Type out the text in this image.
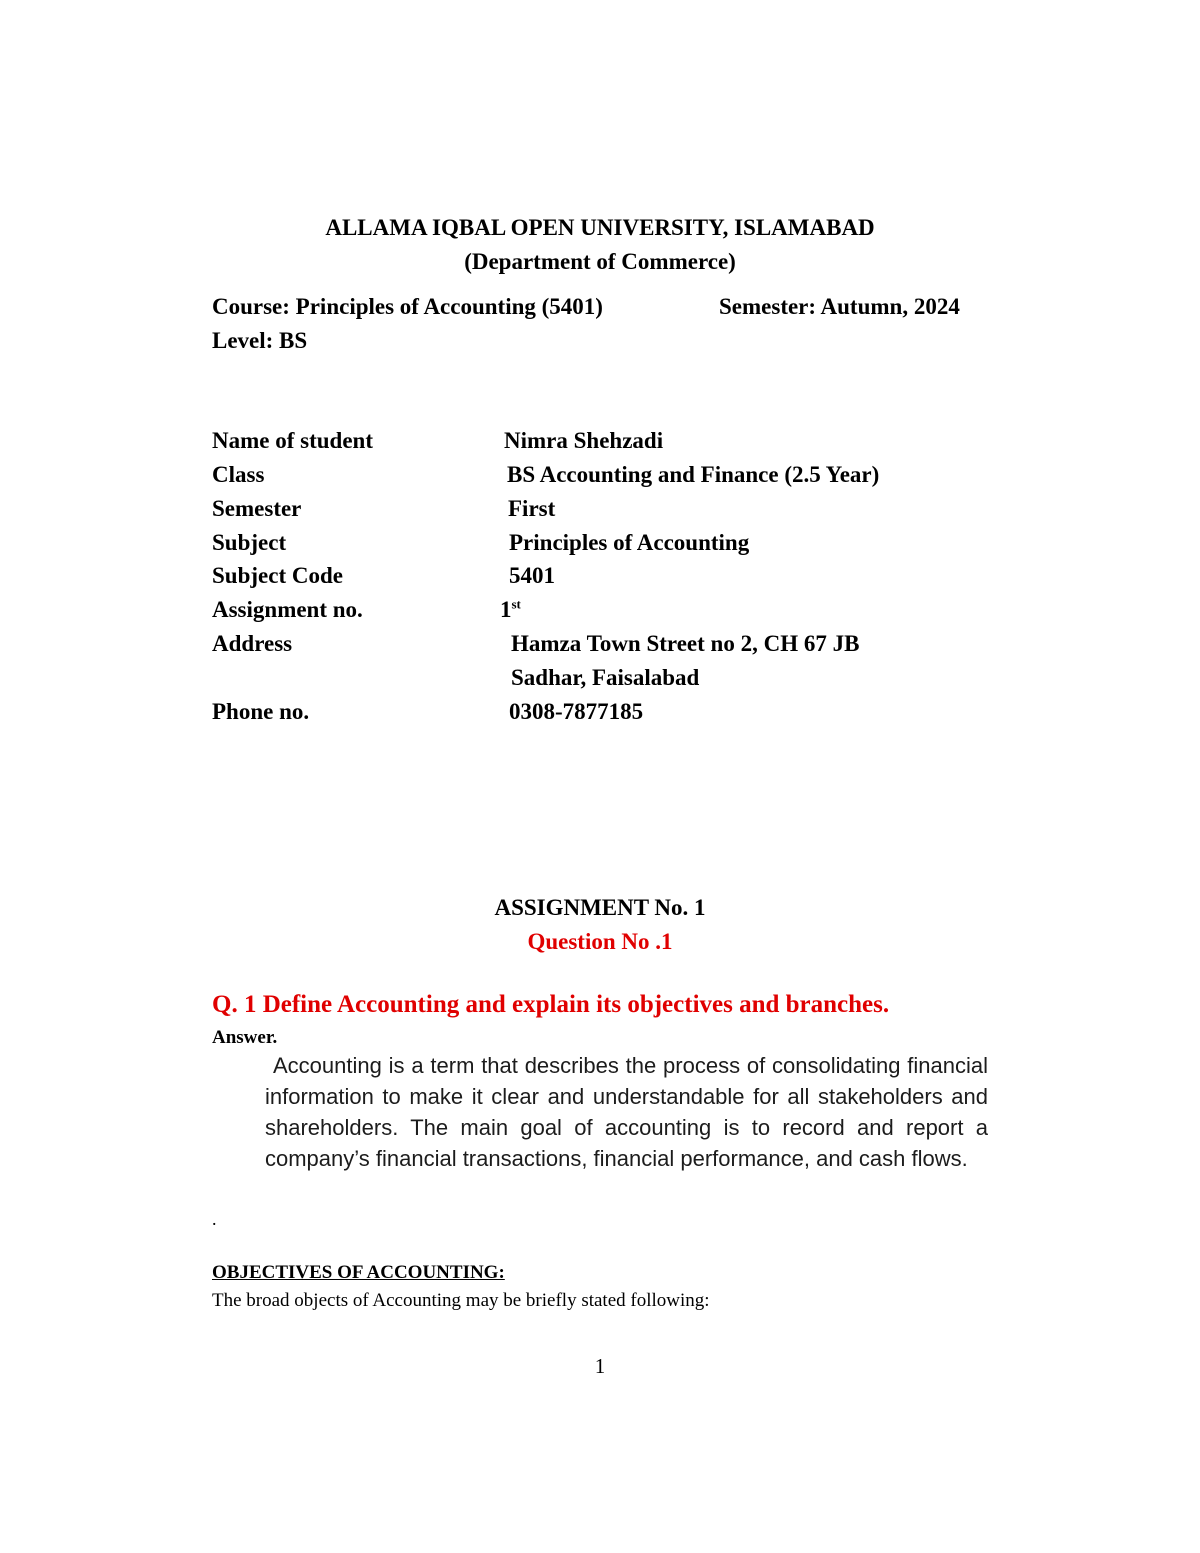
ALLAMA IQBAL OPEN UNIVERSITY, ISLAMABAD
(Department of Commerce)
Course: Principles of Accounting (5401)	Semester: Autumn, 2024
Level: BS
Name of student	Nimra Shehzadi
Class	BS Accounting and Finance (2.5 Year)
Semester	First
Subject	Principles of Accounting
Subject Code	5401
Assignment no.	1st
Address	Hamza Town Street no 2, CH 67 JB
Sadhar, Faisalabad
Phone no.	0308-7877185
ASSIGNMENT No. 1
Question No .1
Q. 1 Define Accounting and explain its objectives and branches.
Answer.
Accounting is a term that describes the process of consolidating financial information to make it clear and understandable for all stakeholders and shareholders. The main goal of accounting is to record and report a company’s financial transactions, financial performance, and cash flows.
.
OBJECTIVES OF ACCOUNTING:
The broad objects of Accounting may be briefly stated following:
1
